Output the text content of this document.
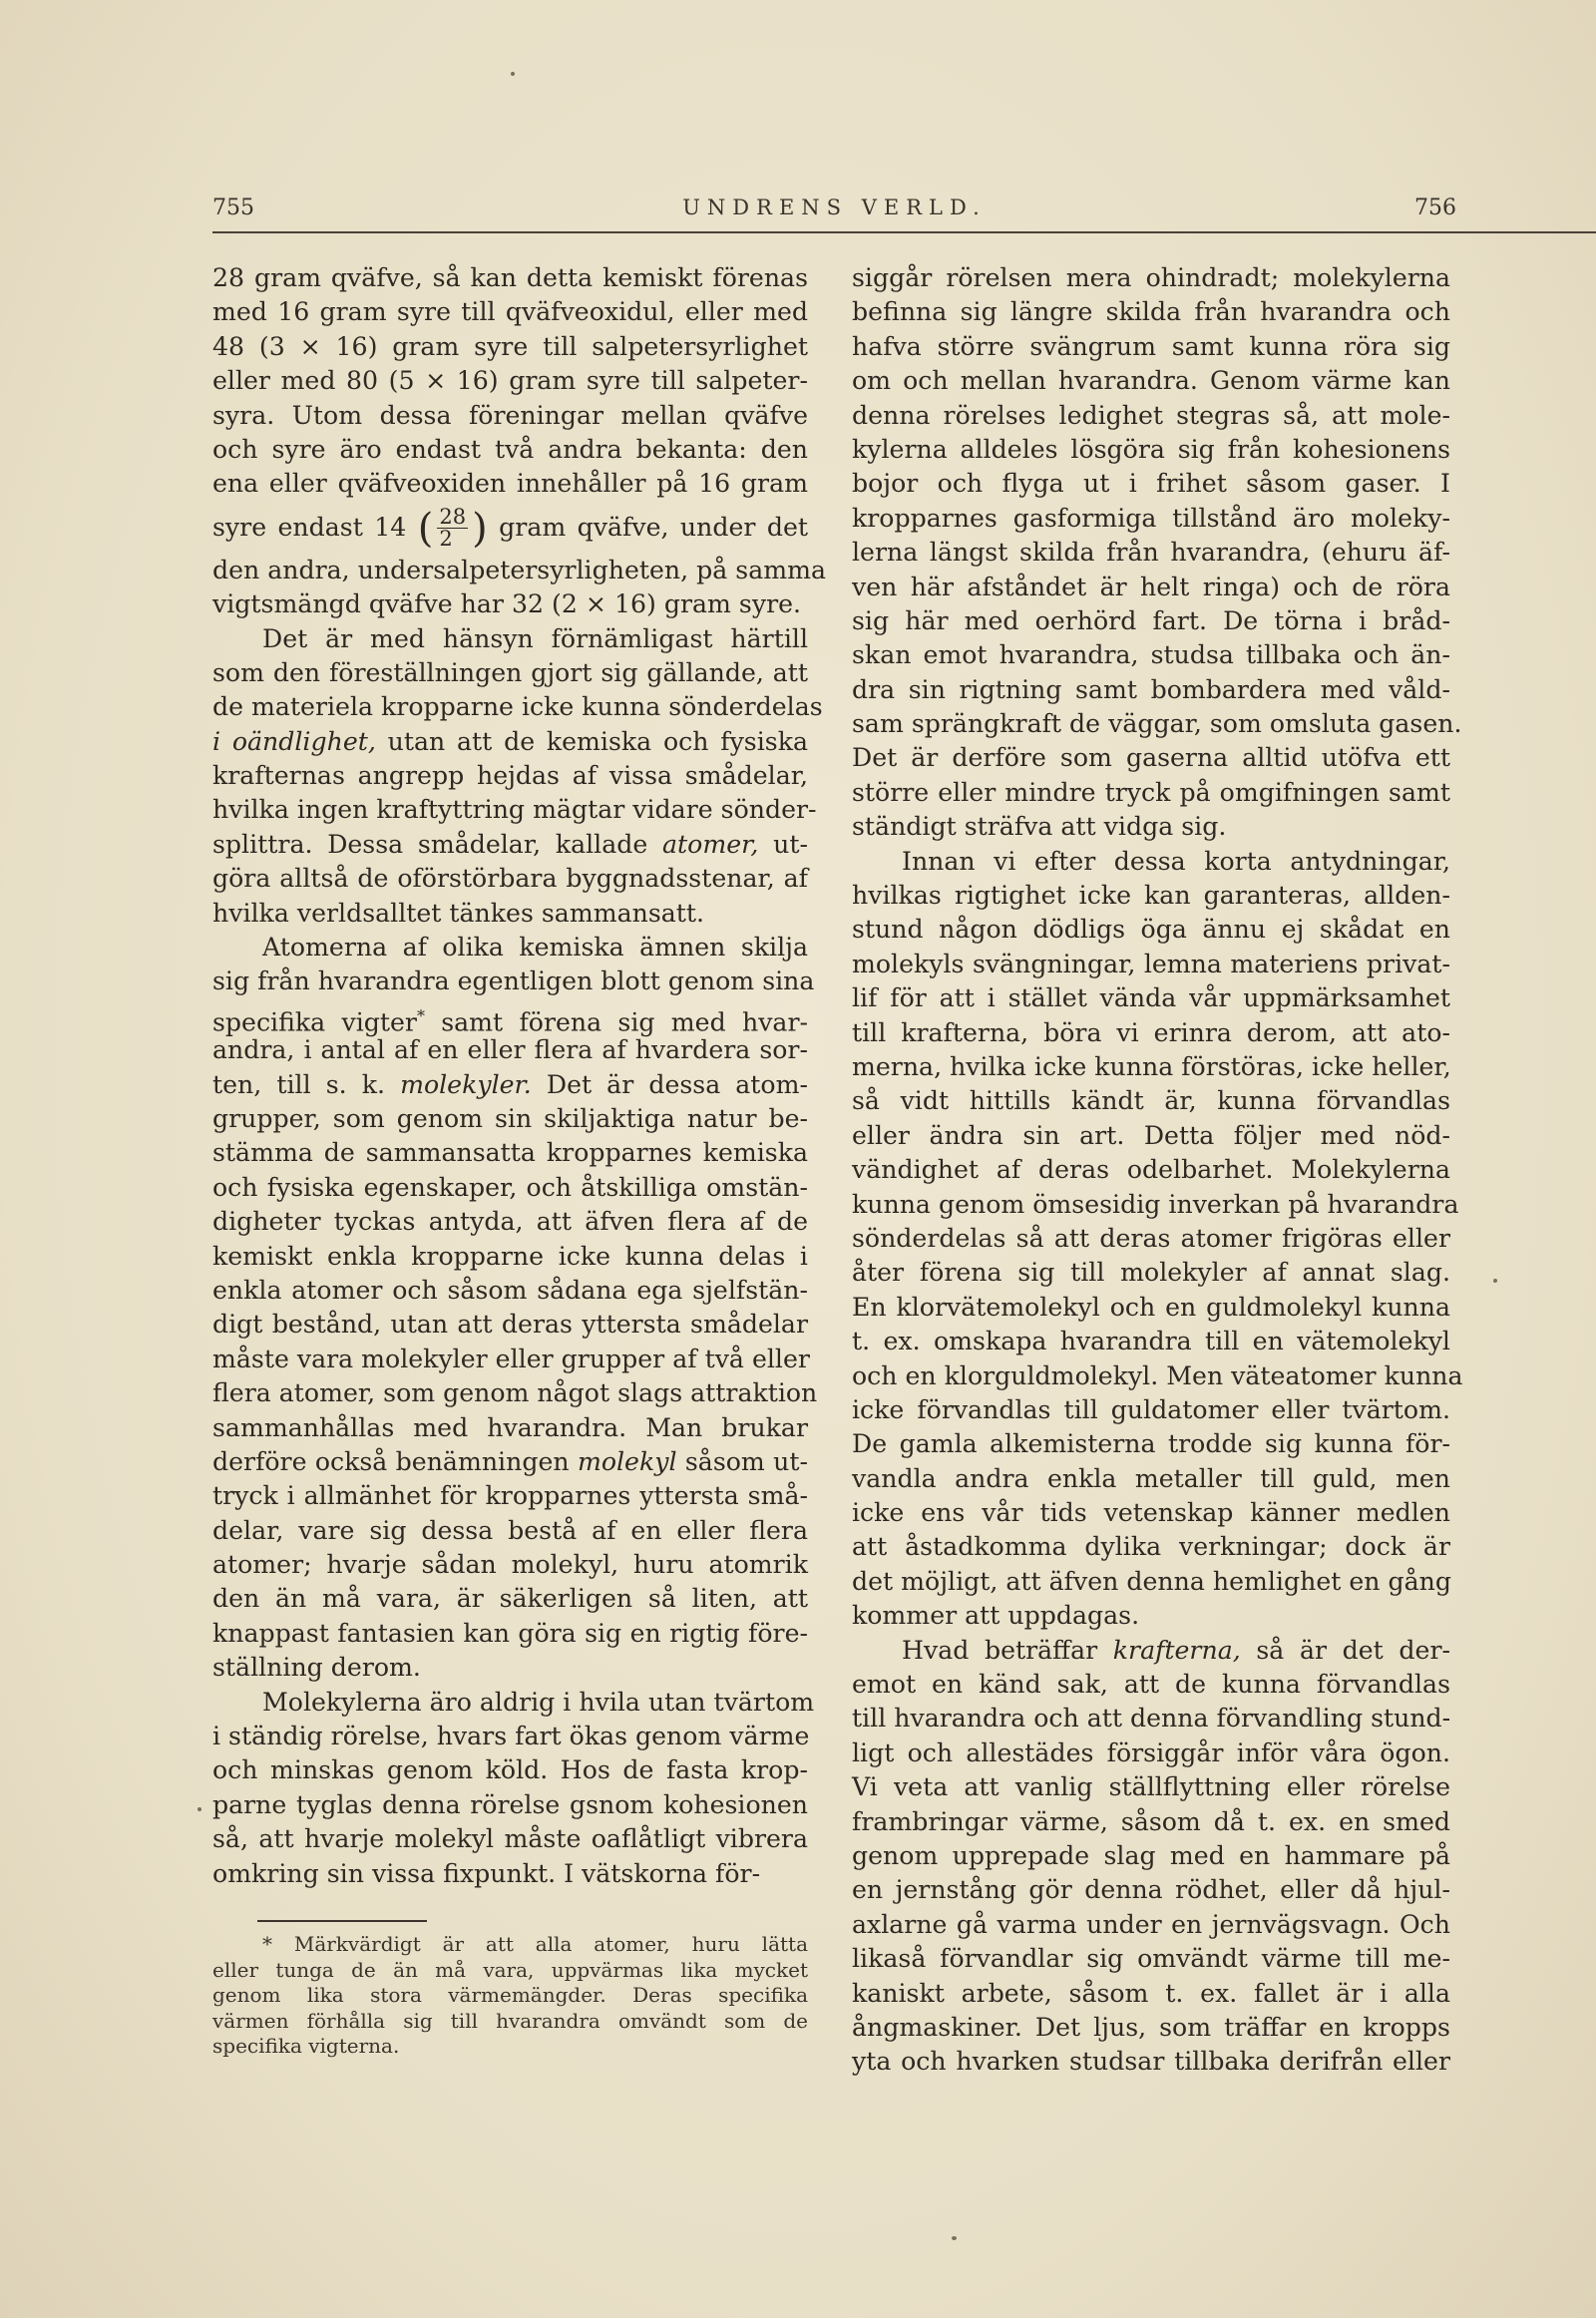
755	UNDRENS VERLD.	756
28 gram qväfve, så kan detta kemiskt förenas
med 16 gram syre till qväfveoxidul, eller med
48 (3 × 16) gram syre till salpetersyrlighet
eller med 80 (5 × 16) gram syre till salpeter-
syra. Utom dessa föreningar mellan qväfve
och syre äro endast två andra bekanta: den
ena eller qväfveoxiden innehåller på 16 gram
syre endast 14 ( $\frac{28}{2}$ ) gram qväfve, under det
den andra, undersalpetersyrligheten, på samma
vigtsmängd qväfve har 32 (2 × 16) gram syre.
Det är med hänsyn förnämligast härtill
som den föreställningen gjort sig gällande, att
de materiela kropparne icke kunna sönderdelas
i oändlighet, utan att de kemiska och fysiska
krafternas angrepp hejdas af vissa smådelar,
hvilka ingen kraftyttring mägtar vidare sönder-
splittra. Dessa smådelar, kallade atomer, ut-
göra alltså de oförstörbara byggnadsstenar, af
hvilka verldsalltet tänkes sammansatt.
Atomerna af olika kemiska ämnen skilja
sig från hvarandra egentligen blott genom sina
specifika vigter* samt förena sig med hvar-
andra, i antal af en eller flera af hvardera sor-
ten, till s. k. molekyler. Det är dessa atom-
grupper, som genom sin skiljaktiga natur be-
stämma de sammansatta kropparnes kemiska
och fysiska egenskaper, och åtskilliga omstän-
digheter tyckas antyda, att äfven flera af de
kemiskt enkla kropparne icke kunna delas i
enkla atomer och såsom sådana ega sjelfstän-
digt bestånd, utan att deras yttersta smådelar
måste vara molekyler eller grupper af två eller
flera atomer, som genom något slags attraktion
sammanhållas med hvarandra. Man brukar
derföre också benämningen molekyl såsom ut-
tryck i allmänhet för kropparnes yttersta små-
delar, vare sig dessa bestå af en eller flera
atomer; hvarje sådan molekyl, huru atomrik
den än må vara, är säkerligen så liten, att
knappast fantasien kan göra sig en rigtig före-
ställning derom.
Molekylerna äro aldrig i hvila utan tvärtom
i ständig rörelse, hvars fart ökas genom värme
och minskas genom köld. Hos de fasta krop-
parne tyglas denna rörelse gsnom kohesionen
så, att hvarje molekyl måste oaflåtligt vibrera
omkring sin vissa fixpunkt. I vätskorna för-
siggår rörelsen mera ohindradt; molekylerna
befinna sig längre skilda från hvarandra och
hafva större svängrum samt kunna röra sig
om och mellan hvarandra. Genom värme kan
denna rörelses ledighet stegras så, att mole-
kylerna alldeles lösgöra sig från kohesionens
bojor och flyga ut i frihet såsom gaser. I
kropparnes gasformiga tillstånd äro moleky-
lerna längst skilda från hvarandra, (ehuru äf-
ven här afståndet är helt ringa) och de röra
sig här med oerhörd fart. De törna i bråd-
skan emot hvarandra, studsa tillbaka och än-
dra sin rigtning samt bombardera med våld-
sam sprängkraft de väggar, som omsluta gasen.
Det är derföre som gaserna alltid utöfva ett
större eller mindre tryck på omgifningen samt
ständigt sträfva att vidga sig.
Innan vi efter dessa korta antydningar,
hvilkas rigtighet icke kan garanteras, allden-
stund någon dödligs öga ännu ej skådat en
molekyls svängningar, lemna materiens privat-
lif för att i stället vända vår uppmärksamhet
till krafterna, böra vi erinra derom, att ato-
merna, hvilka icke kunna förstöras, icke heller,
så vidt hittills kändt är, kunna förvandlas
eller ändra sin art. Detta följer med nöd-
vändighet af deras odelbarhet. Molekylerna
kunna genom ömsesidig inverkan på hvarandra
sönderdelas så att deras atomer frigöras eller
åter förena sig till molekyler af annat slag.
En klorvätemolekyl och en guldmolekyl kunna
t. ex. omskapa hvarandra till en vätemolekyl
och en klorguldmolekyl. Men väteatomer kunna
icke förvandlas till guldatomer eller tvärtom.
De gamla alkemisterna trodde sig kunna för-
vandla andra enkla metaller till guld, men
icke ens vår tids vetenskap känner medlen
att åstadkomma dylika verkningar; dock är
det möjligt, att äfven denna hemlighet en gång
kommer att uppdagas.
Hvad beträffar krafterna, så är det der-
emot en känd sak, att de kunna förvandlas
till hvarandra och att denna förvandling stund-
ligt och allestädes försiggår inför våra ögon.
Vi veta att vanlig ställflyttning eller rörelse
frambringar värme, såsom då t. ex. en smed
genom upprepade slag med en hammare på
en jernstång gör denna rödhet, eller då hjul-
axlarne gå varma under en jernvägsvagn. Och
likaså förvandlar sig omvändt värme till me-
kaniskt arbete, såsom t. ex. fallet är i alla
ångmaskiner. Det ljus, som träffar en kropps
yta och hvarken studsar tillbaka derifrån eller
* Märkvärdigt är att alla atomer, huru lätta
eller tunga de än må vara, uppvärmas lika mycket
genom lika stora värmemängder. Deras specifika
värmen förhålla sig till hvarandra omvändt som de
specifika vigterna.
